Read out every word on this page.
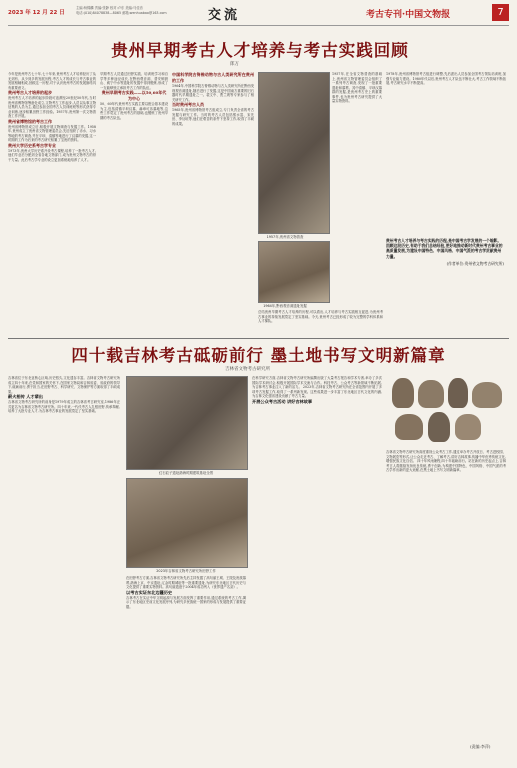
2023 年 12 月 22 日
主编:杨锦麟 责编:张静 校对:卢东 美编:马佳音
电话:(010)84078838—8065 邮箱:wenhuabao@163.com	交流	考古专刊·中国文物报	7
贵州早期考古人才培养与考古实践回顾
郎万
今年是贵州考古七十年,七十年来,贵州考古人才培养经历了从无到有、从少到多的发展历程,考古人才的成长与考古事业的发展相辅相成,回顾这一历程,对于认识贵州考古的发展脉络具有重要意义。
贵州考古人才培养的起步
贵州考古人才培养的起步阶段可追溯至20世纪50年代,当时贵州省博物馆筹备处成立,文物考古工作起步,人员以从事文物征集的人员为主,通过参加全国考古人员训练班等形式获得专业训练,逐步积累田野工作经验。1957年,贵州第一次文物普查工作开展。
贵州省博物馆的考古工作
贵州省博物馆成立后,积极开展文物调查与发掘工作。1958年,贵州成立了贵州省文物管理委员会,先后组织了赤水、习水等地的考古调查,并在平坝、清镇等地进行了汉墓的发掘,这一时期的工作为后来的考古研究积累了宝贵的资料。
贵州大学历史系考古学专业
1973年,贵州大学历史系开设考古课程,培养了一批考古人才,他们毕业后分配到全省各地文物部门,成为贵州文物考古的骨干力量。此后考古学专业的设立更加系统地培养了人才。
早期考古人员通过田野实践、培训班学习和自学等多种途径成长,在黔西观音洞、普安铜鼓山、威宁中水等遗址的发掘中得到锻炼,形成了一支能够独立承担考古工作的队伍。
贵州早期考古实践——以50,60年代为中心
50、60年代贵州考古实践主要以配合基本建设为主,包括清镇平坝汉墓、赫章可乐墓地等,这些工作奠定了贵州考古的基础,也锻炼了贵州早期的考古队伍。
中国科学院古脊椎动物与古人类研究所在贵州的工作
1964年,中国科学院古脊椎动物与古人类研究所在黔西发现观音洞遗址,随后进行了发掘,这是中国南方重要的旧石器时代早期遗址之一。裴文中、贾兰坡等专家参与了相关研究工作。
当时贵州考古人员
1965年,贵州省博物馆考古组成立,专门负责全省的考古发掘与研究工作。当时的考古人员包括熊水富、宋先世、李衍垣等,他们在艰苦的条件下坚持工作,取得了丰硕的成果。
1957年,贵州省文物普查
1964年,黔西观音洞遗址发掘
总结贵州早期考古人才培养的历程,可以看出,人才培养与考古实践相互促进,为贵州考古事业的持续发展奠定了坚实基础。今天,贵州考古已经形成了较为完整的学科体系和人才梯队。
1957年,在全省文物普查的基础上,贵州省文物管理委员会组织了一系列考古调查,发现了一批重要遗址和墓葬。其中清镇、平坝汉墓群的发掘,是贵州考古史上的重要事件,也为贵州考古研究提供了大量实物资料。
1978年,贵州省博物馆考古组进行调整,先后派出人员参加全国考古领队培训班,加强专业能力建设。1980年代以后,贵州考古人才队伍不断壮大,考古工作领域不断拓展,考古研究水平不断提高。
贵州考古人才培养与考古实践的历程,是中国考古学发展的一个缩影。回顾这段历史,有助于我们总结经验,更好地推动新时代贵州考古事业的高质量发展,为建设中国特色、中国风格、中国气派的考古学贡献贵州力量。
(作者单位:贵州省文物考古研究所)
四十载吉林考古砥砺前行 墨土地书写文明新篇章
吉林省文物考古研究所
吉林省位于东北亚核心区域,历史悠久,文化遗存丰富。吉林省文物考古研究所成立四十年来,在党和国家的关怀下,在国家文物局和吉林省委、省政府的领导下,砥砺前行,勇于担当,在田野考古、科学研究、文物保护等方面取得了丰硕成果。
薪火相传 人才辈出
吉林省文物考古研究所的前身是1979年成立的吉林省考古研究室,1986年正式更名为吉林省文物考古研究所。四十年来,一代代考古人扎根田野,传承奉献,培养了大批专业人才,为吉林考古事业的发展奠定了坚实基础。
红石砬子遗址渤海时期建筑基址全景
2023年吉林省文物考古研究所田野工作
在田野考古方面,吉林省文物考古研究所先后主持发掘了高句丽王城、王陵及贵族墓葬,渤海上京、中京遗址,辽金时期城址等一批重要遗址,为研究东北地区古代历史与文化提供了重要实物资料。高句丽遗迹于2004年成功列入《世界遗产名录》。
以考古实证东北边疆历史
吉林考古在实证中华文明起源与发展方面发挥了重要作用,通过系统的考古工作,揭示了东北地区史前文化发展序列,为研究多民族统一国家的形成与发展提供了重要证据。
在科学研究方面,吉林省文物考古研究所编撰出版了大量考古报告和学术专著,举办了多次国际学术研讨会,积极开展国际学术交流与合作。科技考古、公众考古等新领域不断拓展,为吉林考古事业注入了新的活力。 2023年,吉林省文物考古研究所在全省范围内开展了多项考古发掘工作,取得了一系列新发现。这些成果进一步丰富了东北地区古代文化的内涵,为吉林文化强省建设贡献了考古力量。
开展公众考古活动 讲好吉林故事
吉林省文物考古研究所高度重视公众考古工作,通过举办考古开放日、考古进校园、文物展览等形式,让公众走近考古、了解考古,讲好吉林故事,传播中华优秀传统文化,增强民族文化自信。 四十年风雨兼程,四十年砥砺前行。站在新的历史起点上,吉林考古人将继续发扬优良传统,勇于创新,为构建中国特色、中国风格、中国气派的考古学作出新的更大贡献,在黑土地上书写文明新篇章。
(责编:李萍)
